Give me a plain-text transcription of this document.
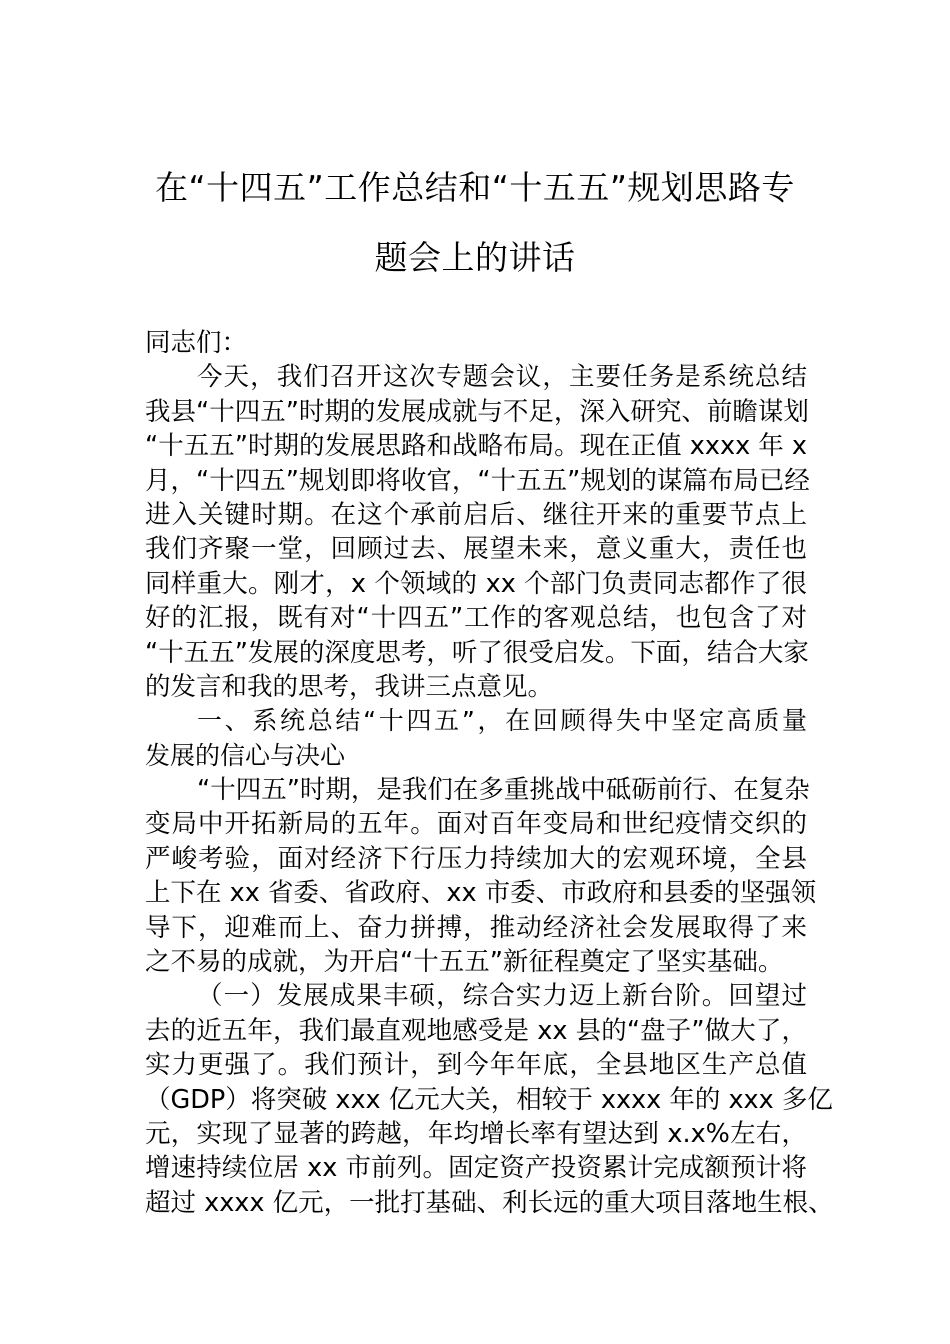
在“十四五”工作总结和“十五五”规划思路专
题会上的讲话
同志们：
今天，我们召开这次专题会议，主要任务是系统总结
我县“十四五”时期的发展成就与不足，深入研究、前瞻谋划
“十五五”时期的发展思路和战略布局。现在正值 xxxx 年 x
月，“十四五”规划即将收官，“十五五”规划的谋篇布局已经
进入关键时期。在这个承前启后、继往开来的重要节点上
我们齐聚一堂，回顾过去、展望未来，意义重大，责任也
同样重大。刚才，x 个领域的 xx 个部门负责同志都作了很
好的汇报，既有对“十四五”工作的客观总结，也包含了对
“十五五”发展的深度思考，听了很受启发。下面，结合大家
的发言和我的思考，我讲三点意见。
一、系统总结“十四五”，在回顾得失中坚定高质量
发展的信心与决心
“十四五”时期，是我们在多重挑战中砥砺前行、在复杂
变局中开拓新局的五年。面对百年变局和世纪疫情交织的
严峻考验，面对经济下行压力持续加大的宏观环境，全县
上下在 xx 省委、省政府、xx 市委、市政府和县委的坚强领
导下，迎难而上、奋力拼搏，推动经济社会发展取得了来
之不易的成就，为开启“十五五”新征程奠定了坚实基础。
（一）发展成果丰硕，综合实力迈上新台阶。回望过
去的近五年，我们最直观地感受是 xx 县的“盘子”做大了，
实力更强了。我们预计，到今年年底，全县地区生产总值
（GDP）将突破 xxx 亿元大关，相较于 xxxx 年的 xxx 多亿
元，实现了显著的跨越，年均增长率有望达到 x.x%左右，
增速持续位居 xx 市前列。固定资产投资累计完成额预计将
超过 xxxx 亿元，一批打基础、利长远的重大项目落地生根、
